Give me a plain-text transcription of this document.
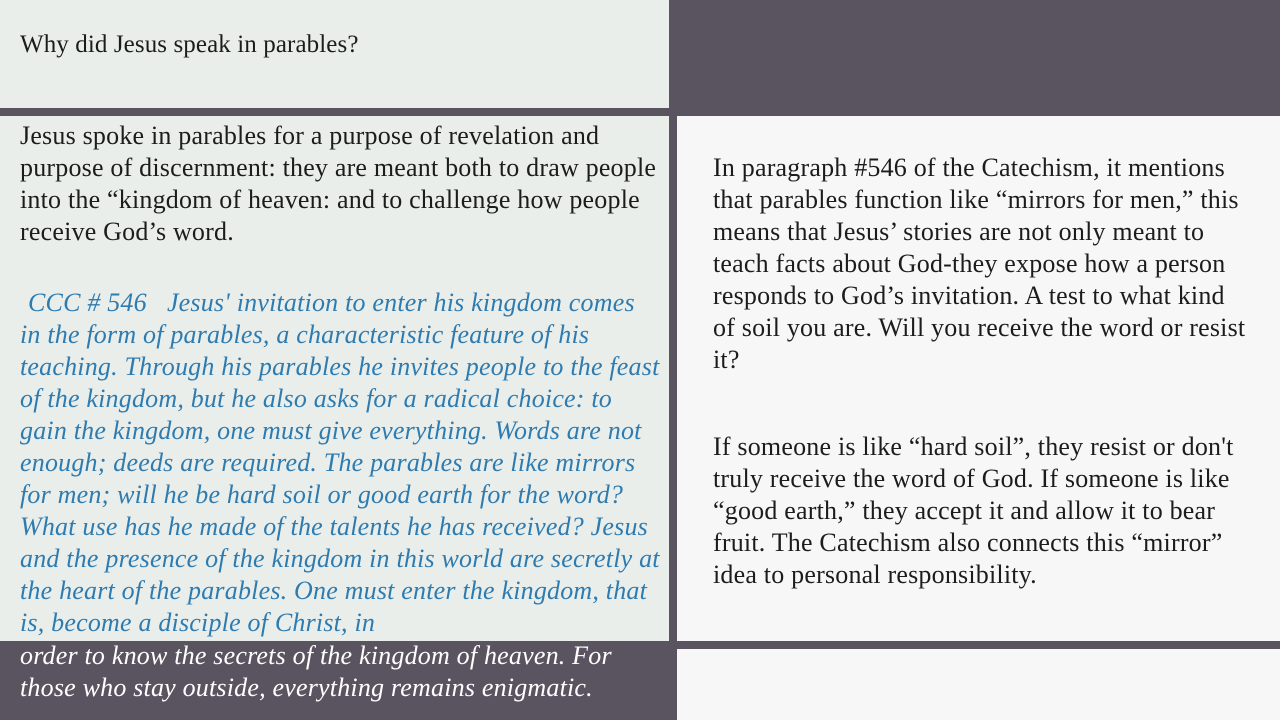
Why did Jesus speak in parables?

Jesus spoke in parables for a purpose of revelation and purpose of discernment: they are meant both to draw people into the “kingdom of heaven: and to challenge how people receive God’s word.

CCC # 546 Jesus' invitation to enter his kingdom comes in the form of parables, a characteristic feature of his teaching. Through his parables he invites people to the feast of the kingdom, but he also asks for a radical choice: to gain the kingdom, one must give everything. Words are not enough; deeds are required. The parables are like mirrors for men; will he be hard soil or good earth for the word? What use has he made of the talents he has received? Jesus and the presence of the kingdom in this world are secretly at the heart of the parables. One must enter the kingdom, that is, become a disciple of Christ, in

order to know the secrets of the kingdom of heaven. For those who stay outside, everything remains enigmatic.

In paragraph #546 of the Catechism, it mentions that parables function like “mirrors for men,” this means that Jesus’ stories are not only meant to teach facts about God-they expose how a person responds to God’s invitation. A test to what kind of soil you are. Will you receive the word or resist it?

If someone is like “hard soil”, they resist or don't truly receive the word of God. If someone is like “good earth,” they accept it and allow it to bear fruit. The Catechism also connects this “mirror” idea to personal responsibility.
